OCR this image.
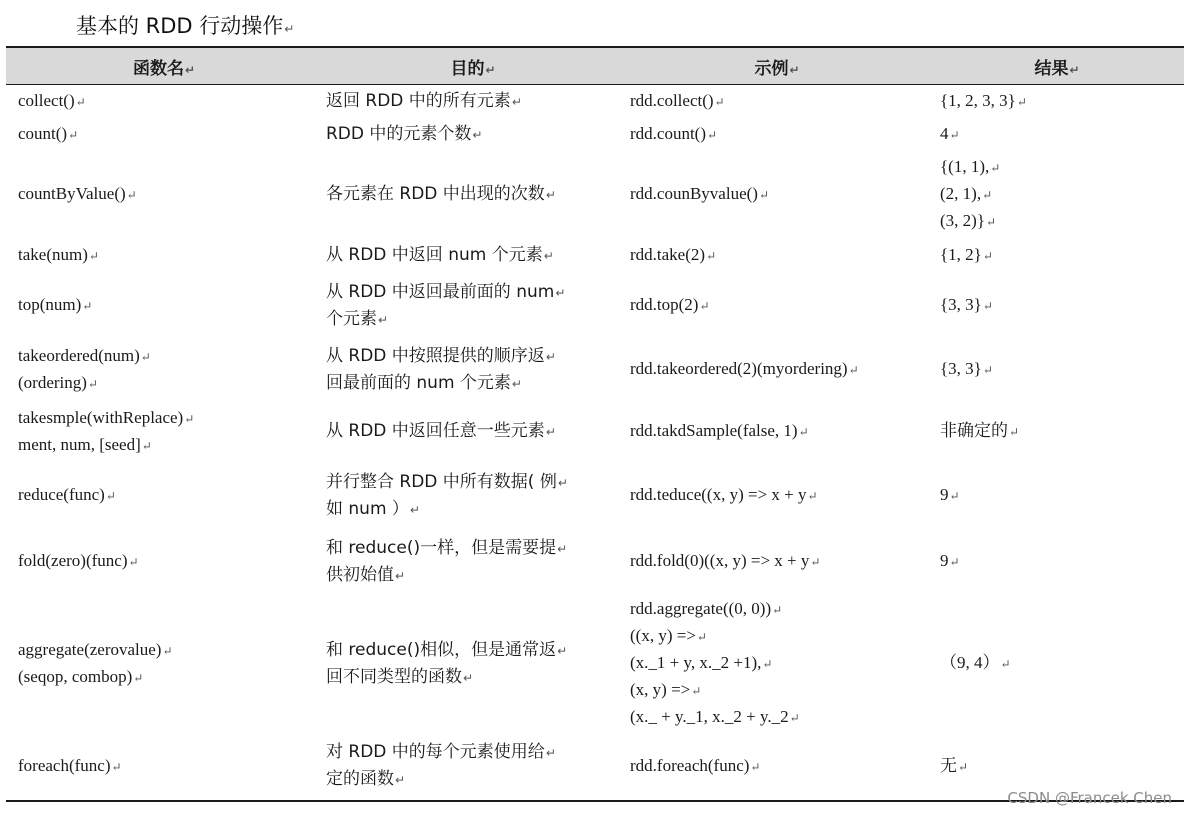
基本的 RDD 行动操作↵
函数名↵	目的↵	示例↵	结果↵

collect()↵	返回 RDD 中的所有元素↵	rdd.collect()↵	{1, 2, 3, 3}↵

count()↵	RDD 中的元素个数↵	rdd.count()↵	4↵

countByValue()↵	各元素在 RDD 中出现的次数↵	rdd.counByvalue()↵	{(1, 1),↵
(2, 1),↵
(3, 2)}↵

take(num)↵	从 RDD 中返回 num 个元素↵	rdd.take(2)↵	{1, 2}↵

top(num)↵	从 RDD 中返回最前面的 num↵
个元素↵	rdd.top(2)↵	{3, 3}↵

takeordered(num)↵
(ordering)↵	从 RDD 中按照提供的顺序返↵
回最前面的 num 个元素↵	rdd.takeordered(2)(myordering)↵	{3, 3}↵

takesmple(withReplace)↵
ment, num, [seed]↵	从 RDD 中返回任意一些元素↵	rdd.takdSample(false, 1)↵	非确定的↵

reduce(func)↵	并行整合 RDD 中所有数据( 例↵
如 num ）↵	rdd.teduce((x, y) => x + y↵	9↵

fold(zero)(func)↵	和 reduce()一样，但是需要提↵
供初始值↵	rdd.fold(0)((x, y) => x + y↵	9↵

aggregate(zerovalue)↵
(seqop, combop)↵	和 reduce()相似，但是通常返↵
回不同类型的函数↵	rdd.aggregate((0, 0))↵
((x, y) =>↵
(x._1 + y, x._2 +1),↵
(x, y) =>↵
(x._ + y._1, x._2 + y._2↵	（9, 4）↵

foreach(func)↵	对 RDD 中的每个元素使用给↵
定的函数↵	rdd.foreach(func)↵	无↵
CSDN @Francek Chen
